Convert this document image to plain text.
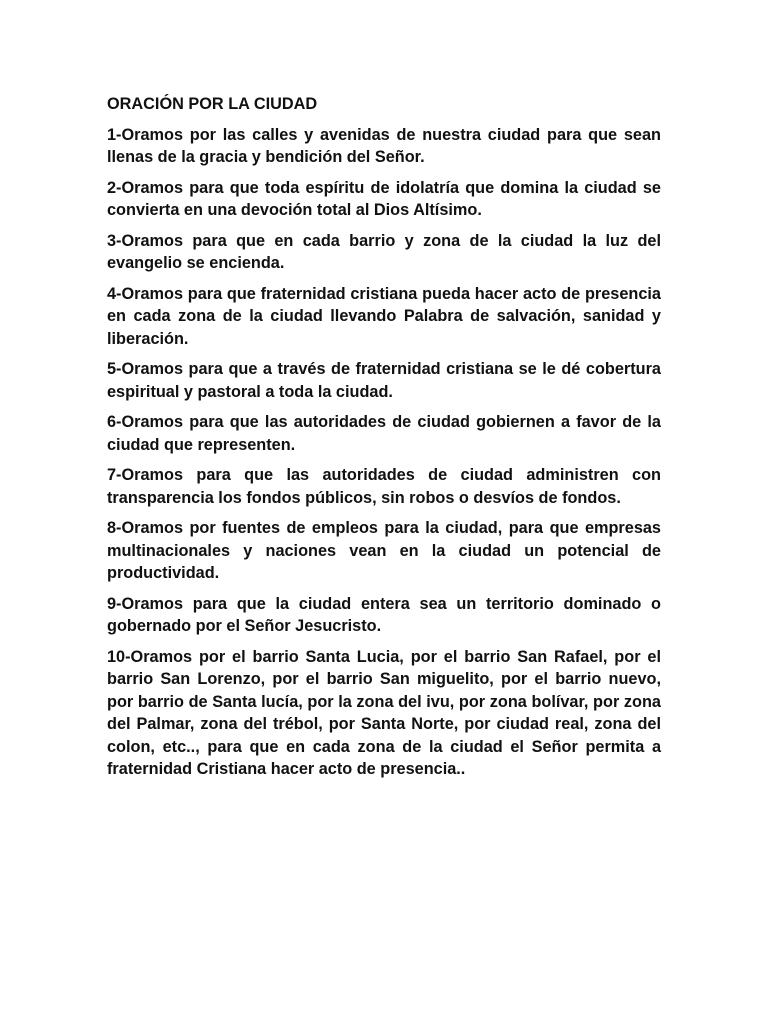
ORACIÓN POR LA CIUDAD

1-Oramos por las calles y avenidas de nuestra ciudad para que sean llenas de la gracia y bendición del Señor.

2-Oramos para que toda espíritu de idolatría que domina la ciudad se convierta en una devoción total al Dios Altísimo.

3-Oramos para que en cada barrio y zona de la ciudad la luz del evangelio se encienda.

4-Oramos para que fraternidad cristiana pueda hacer acto de presencia en cada zona de la ciudad llevando Palabra de salvación, sanidad y liberación.

5-Oramos para que a través de fraternidad cristiana se le dé cobertura espiritual y pastoral a toda la ciudad.

6-Oramos para que las autoridades de ciudad gobiernen a favor de la ciudad que representen.

7-Oramos para que las autoridades de ciudad administren con transparencia los fondos públicos, sin robos o desvíos de fondos.

8-Oramos por fuentes de empleos para la ciudad, para que empresas multinacionales y naciones vean en la ciudad un potencial de productividad.

9-Oramos para que la ciudad entera sea un territorio dominado o gobernado por el Señor Jesucristo.

10-Oramos por el barrio Santa Lucia, por el barrio San Rafael, por el barrio San Lorenzo, por el barrio San miguelito, por el barrio nuevo, por barrio de Santa lucía, por la zona del ivu, por zona bolívar, por zona del Palmar, zona del trébol, por Santa Norte, por ciudad real, zona del colon, etc.., para que en cada zona de la ciudad el Señor permita a fraternidad Cristiana hacer acto de presencia..
